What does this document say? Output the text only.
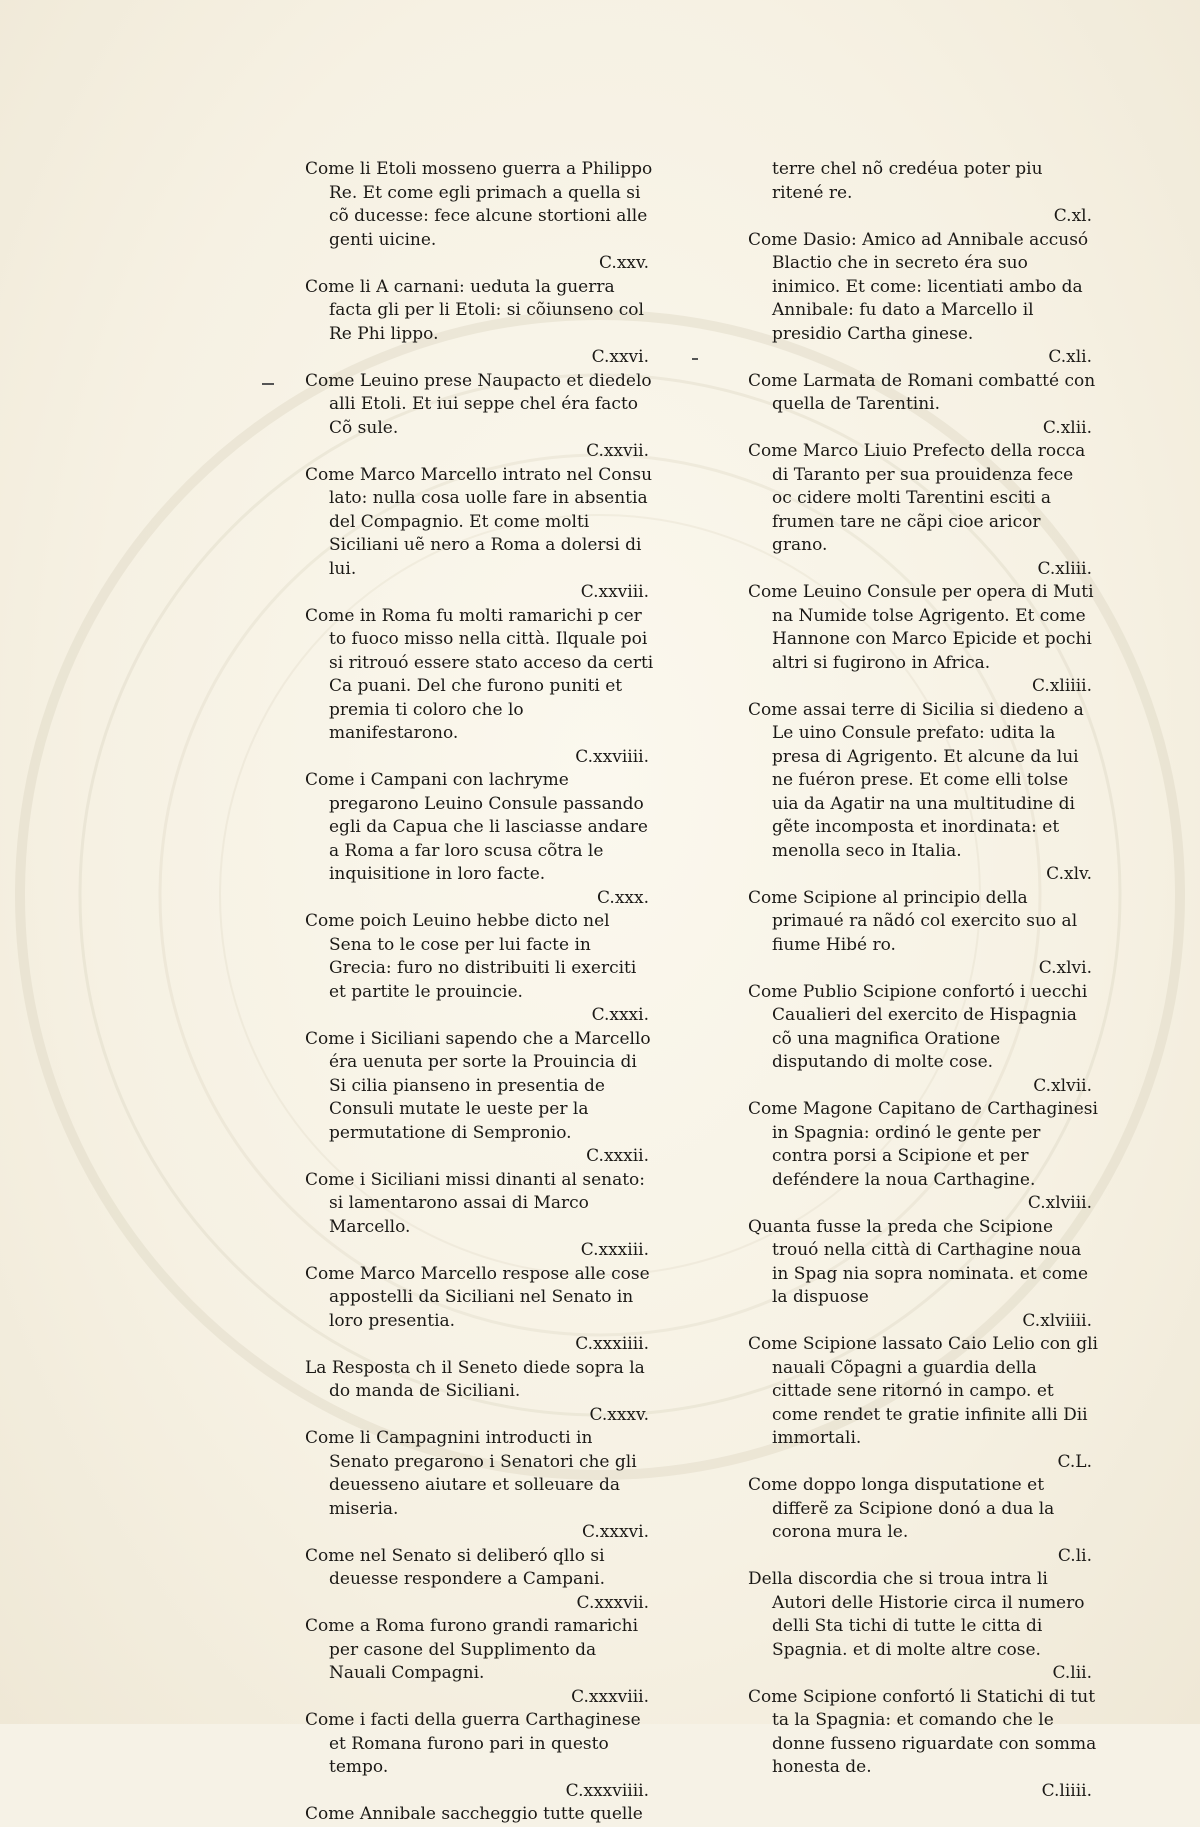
Come li Etoli mosseno guerra a Philippo Re. Et come egli primach a quella si cõ ducesse: fece alcune stortioni alle genti uicine.
C.xxv.
Come li A carnani: ueduta la guerra facta gli per li Etoli: si cõiunseno col Re Phi lippo.
C.xxvi.
Come Leuino prese Naupacto et diedelo alli Etoli. Et iui seppe chel éra facto Cõ sule.
C.xxvii.
Come Marco Marcello intrato nel Consu lato: nulla cosa uolle fare in absentia del Compagnio. Et come molti Siciliani uẽ nero a Roma a dolersi di lui.
C.xxviii.
Come in Roma fu molti ramarichi p cer to fuoco misso nella città. Ilquale poi si ritrouó essere stato acceso da certi Ca puani. Del che furono puniti et premia ti coloro che lo manifestarono.
C.xxviiii.
Come i Campani con lachryme pregarono Leuino Consule passando egli da Capua che li lasciasse andare a Roma a far loro scusa cõtra le inquisitione in loro facte.
C.xxx.
Come poich Leuino hebbe dicto nel Sena to le cose per lui facte in Grecia: furo no distribuiti li exerciti et partite le prouincie.
C.xxxi.
Come i Siciliani sapendo che a Marcello éra uenuta per sorte la Prouincia di Si cilia pianseno in presentia de Consuli mutate le ueste per la permutatione di Sempronio.
C.xxxii.
Come i Siciliani missi dinanti al senato: si lamentarono assai di Marco Marcello.
C.xxxiii.
Come Marco Marcello respose alle cose appostelli da Siciliani nel Senato in loro presentia.
C.xxxiiii.
La Resposta ch il Seneto diede sopra la do manda de Siciliani.
C.xxxv.
Come li Campagnini introducti in Senato pregarono i Senatori che gli deuesseno aiutare et solleuare da miseria.
C.xxxvi.
Come nel Senato si deliberó qllo si deuesse respondere a Campani.
C.xxxvii.
Come a Roma furono grandi ramarichi per casone del Supplimento da Nauali Compagni.
C.xxxviii.
Come i facti della guerra Carthaginese et Romana furono pari in questo tempo.
C.xxxviiii.
Come Annibale saccheggio tutte quelle
terre chel nõ credéua poter piu ritené re.
C.xl.
Come Dasio: Amico ad Annibale accusó Blactio che in secreto éra suo inimico. Et come: licentiati ambo da Annibale: fu dato a Marcello il presidio Cartha ginese.
C.xli.
Come Larmata de Romani combatté con quella de Tarentini.
C.xlii.
Come Marco Liuio Prefecto della rocca di Taranto per sua prouidenza fece oc cidere molti Tarentini esciti a frumen tare ne cãpi cioe aricor grano.
C.xliii.
Come Leuino Consule per opera di Muti na Numide tolse Agrigento. Et come Hannone con Marco Epicide et pochi altri si fugirono in Africa.
C.xliiii.
Come assai terre di Sicilia si diedeno a Le uino Consule prefato: udita la presa di Agrigento. Et alcune da lui ne fuéron prese. Et come elli tolse uia da Agatir na una multitudine di gẽte incomposta et inordinata: et menolla seco in Italia.
C.xlv.
Come Scipione al principio della primaué ra nãdó col exercito suo al fiume Hibé ro.
C.xlvi.
Come Publio Scipione confortó i uecchi Caualieri del exercito de Hispagnia cõ una magnifica Oratione disputando di molte cose.
C.xlvii.
Come Magone Capitano de Carthaginesi in Spagnia: ordinó le gente per contra porsi a Scipione et per deféndere la noua Carthagine.
C.xlviii.
Quanta fusse la preda che Scipione trouó nella città di Carthagine noua in Spag nia sopra nominata. et come la dispuose
C.xlviiii.
Come Scipione lassato Caio Lelio con gli nauali Cõpagni a guardia della cittade sene ritornó in campo. et come rendet te gratie infinite alli Dii immortali.
C.L.
Come doppo longa disputatione et differẽ za Scipione donó a dua la corona mura le.
C.li.
Della discordia che si troua intra li Autori delle Historie circa il numero delli Sta tichi di tutte le citta di Spagnia. et di molte altre cose.
C.lii.
Come Scipione confortó li Statichi di tut ta la Spagnia: et comando che le donne fusseno riguardate con somma honesta de.
C.liiii.
